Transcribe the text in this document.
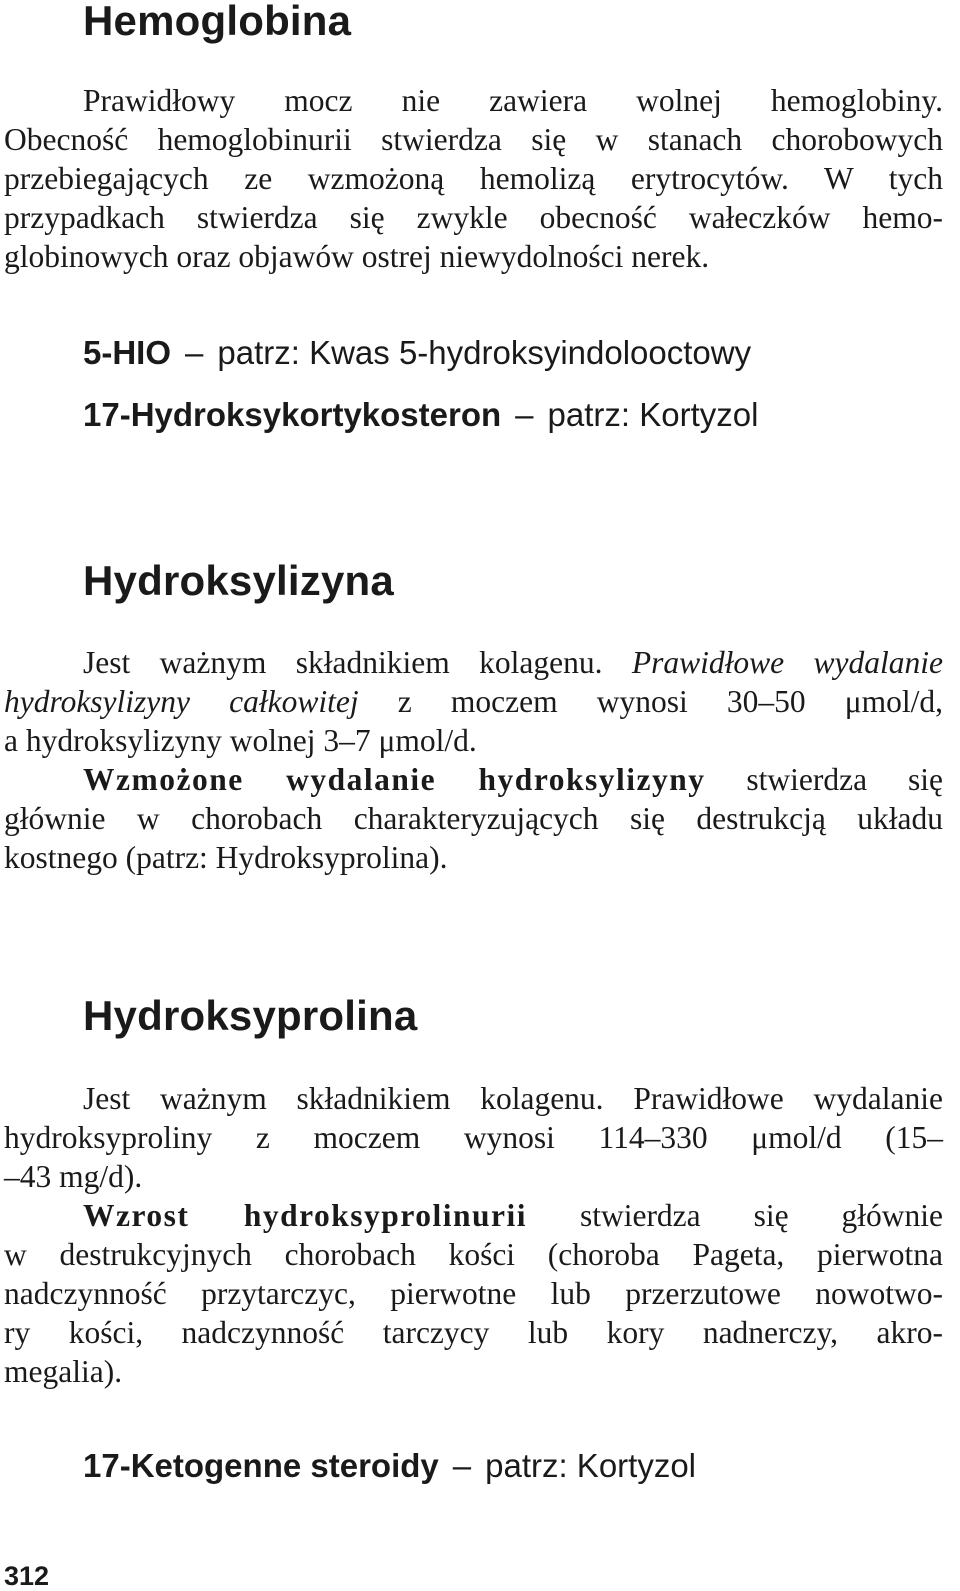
Hemoglobina
Prawidłowy mocz nie zawiera wolnej hemoglobiny.
Obecność hemoglobinurii stwierdza się w stanach chorobowych
przebiegających ze wzmożoną hemolizą erytrocytów. W tych
przypadkach stwierdza się zwykle obecność wałeczków hemo-
globinowych oraz objawów ostrej niewydolności nerek.

5-HIO – patrz: Kwas 5-hydroksyindolooctowy

17-Hydroksykortykosteron – patrz: Kortyzol

Hydroksylizyna
Jest ważnym składnikiem kolagenu. Prawidłowe wydalanie
hydroksylizyny całkowitej z moczem wynosi 30–50 μmol/d,
a hydroksylizyny wolnej 3–7 μmol/d.
Wzmożone wydalanie hydroksylizyny stwierdza się
głównie w chorobach charakteryzujących się destrukcją układu
kostnego (patrz: Hydroksyprolina).
Hydroksyprolina
Jest ważnym składnikiem kolagenu. Prawidłowe wydalanie
hydroksyproliny z moczem wynosi 114–330 μmol/d (15–
–43 mg/d).
Wzrost hydroksyprolinurii stwierdza się głównie
w destrukcyjnych chorobach kości (choroba Pageta, pierwotna
nadczynność przytarczyc, pierwotne lub przerzutowe nowotwo-
ry kości, nadczynność tarczycy lub kory nadnerczy, akro-
megalia).

17-Ketogenne steroidy – patrz: Kortyzol

312
